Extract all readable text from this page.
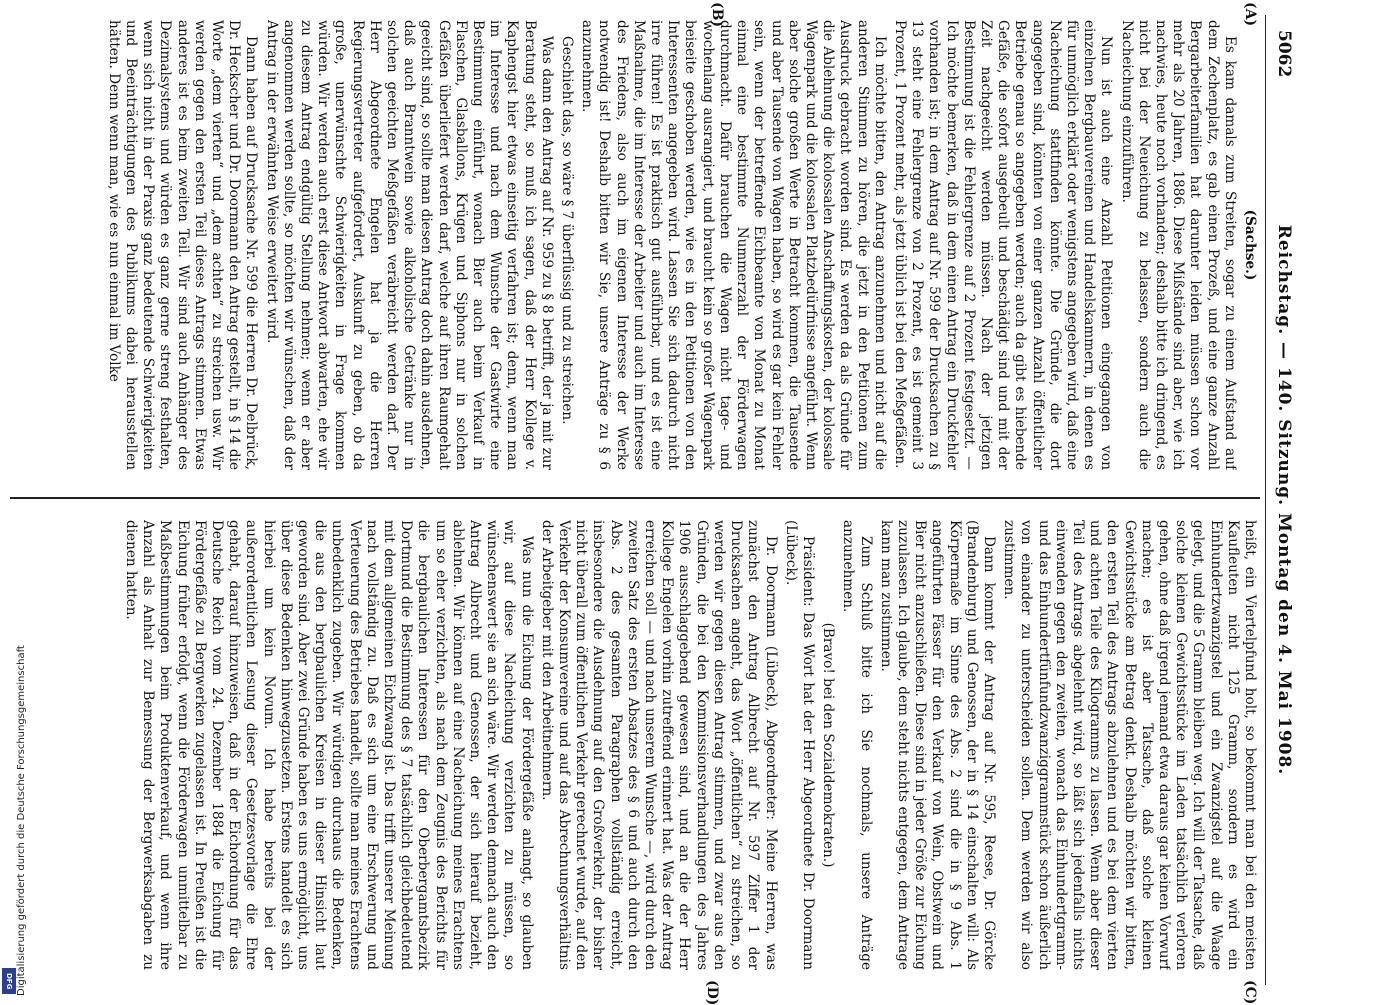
5062
Reichstag. — 140. Sitzung. Montag den 4. Mai 1908.
(A)
(B)
(C)
(D)

(Sachse.)

Es kam damals zum Streiten, sogar zu einem Aufstand auf dem Zechenplatz, es gab einen Prozeß, und eine ganze Anzahl Bergarbeiterfamilien hat darunter leiden müssen schon vor mehr als 20 Jahren, 1886. Diese Mißstände sind aber, wie ich nachwies, heute noch vorhanden; deshalb bitte ich dringend, es nicht bei der Neueichung zu belassen, sondern auch die Nacheichung einzuführen.

Nun ist auch eine Anzahl Petitionen eingegangen von einzelnen Bergbauvereinen und Handelskammern, in denen es für unmöglich erklärt oder wenigstens angegeben wird, daß eine Nacheichung stattfinden könnte. Die Gründe, die dort angegeben sind, könnten von einer ganzen Anzahl öffentlicher Betriebe genau so angegeben werden; auch da gibt es hiebende Gefäße, die sofort ausgebeult und beschädigt sind und mit der Zeit nachgeeicht werden müssen. Nach der jetzigen Bestimmung ist die Fehlergrenze auf 2 Prozent festgesetzt. — Ich möchte bemerken, daß in dem einen Antrag ein Druckfehler vorhanden ist; in dem Antrag auf Nr. 599 der Drucksachen zu § 13 steht eine Fehlergrenze von 2 Prozent, es ist gemeint 3 Prozent, 1 Prozent mehr, als jetzt üblich ist bei den Meßgefäßen.

Ich möchte bitten, den Antrag anzunehmen und nicht auf die anderen Stimmen zu hören, die jetzt in den Petitionen zum Ausdruck gebracht worden sind. Es werden da als Gründe für die Ablehnung die kolossalen Anschaffungskosten, der kolossale Wagenpark und die kolossalen Platzbedürfnisse angeführt. Wenn aber solche großen Werte in Betracht kommen, die Tausende und aber Tausende von Wagen haben, so wird es gar kein Fehler sein, wenn der betreffende Eichbeamte von Monat zu Monat einmal eine bestimmte Nummerzahl der Förderwagen durchmacht. Dafür brauchen die Wagen nicht tage- und wochenlang ausrangiert, und braucht kein so großer Wagenpark beiseite geschoben werden, wie es in den Petitionen von den Interessenten angegeben wird. Lassen Sie sich dadurch nicht irre führen! Es ist praktisch gut ausführbar, und es ist eine Maßnahme, die im Interesse der Arbeiter und auch im Interesse des Friedens, also auch im eigenen Interesse der Werke notwendig ist! Deshalb bitten wir Sie, unsere Anträge zu § 6 anzunehmen.

Geschieht das, so wäre § 7 überflüssig und zu streichen.

Was dann den Antrag auf Nr. 959 zu § 8 betrifft, der ja mit zur Beratung steht, so muß ich sagen, daß der Herr Kollege v. Kaphengst hier etwas einseitig verfahren ist; denn, wenn man im Interesse und nach dem Wunsche der Gastwirte eine Bestimmung einführt, wonach Bier auch beim Verkauf in Flaschen, Glasballons, Krügen und Siphons nur in solchen Gefäßen überliefert werden darf, welche auf ihren Raumgehalt geeicht sind, so sollte man diesen Antrag doch dahin ausdehnen, daß auch Branntwein sowie alkoholische Getränke nur in solchen geeichten Meßgefäßen veräbreicht werden darf. Der Herr Abgeordnete Engelen hat ja die Herren Regierungsvertreter aufgefordert, Auskunft zu geben, ob da große, unerwünschte Schwierigkeiten in Frage kommen würden. Wir werden auch erst diese Antwort abwarten, ehe wir zu diesem Antrag endgültig Stellung nehmen; wenn er aber angenommen werden sollte, so möchten wir wünschen, daß der Antrag in der erwähnten Weise erweitert wird.

Dann haben auf Drucksache Nr. 599 die Herren Dr. Delbrück, Dr. Heckscher und Dr. Doormann den Antrag gestellt, in § 14 die Worte „dem vierten“ und „dem achten“ zu streichen usw. Wir werden gegen den ersten Teil dieses Antrags stimmen. Etwas anderes ist es beim zweiten Teil. Wir sind auch Anhänger des Dezimalsystems und würden es ganz gerne streng festhalten, wenn sich nicht in der Praxis ganz bedeutende Schwierigkeiten und Beeinträchtigungen des Publikums dabei herausstellen hätten. Denn wenn man, wie es nun einmal im Volke

heißt, ein Viertelpfund holt, so bekommt man bei den meisten Kaufleuten nicht 125 Gramm, sondern es wird ein Einhundertzwanzigstel und ein Zwanzigstel auf die Waage gelegt, und die 5 Gramm bleiben weg. Ich will der Tatsache, daß solche kleinen Gewichtsstücke im Laden tatsächlich verloren gehen, ohne daß irgend jemand etwa daraus gar keinen Vorwurf machen; es ist aber Tatsache, daß solche kleinen Gewichtsstücke am Betrag denkt. Deshalb möchten wir bitten, den ersten Teil des Antrags abzulehnen und es bei dem vierten und achten Teile des Kilogramms zu lassen. Wenn aber dieser Teil des Antrags abgelehnt wird, so läßt sich jedenfalls nichts einwenden gegen den zweiten, wonach das Einhundertgramm- und das Einhundertfünfundzwanziggrammstück schon äußerlich von einander zu unterscheiden sollen. Dem werden wir also zustimmen.

Dann kommt der Antrag auf Nr. 595, Reese, Dr. Görcke (Brandenburg) und Genossen, der in § 14 einschalten will: Als Körpermaße im Sinne des Abs. 2 sind die in § 9 Abs. 1 angeführten Fässer für den Verkauf von Wein, Obstwein und Bier nicht anzuschließen. Diese sind in jeder Größe zur Eichung zuzulassen. Ich glaube, dem steht nichts entgegen, dem Antrage kann man zustimmen.

Zum Schluß bitte ich Sie nochmals, unsere Anträge anzunehmen.

(Bravo! bei den Sozialdemokraten.)

Präsident: Das Wort hat der Herr Abgeordnete Dr. Doormann (Lübeck).

Dr. Doormann (Lübeck), Abgeordneter: Meine Herren, was zunächst den Antrag Albrecht auf Nr. 597 Ziffer 1 der Drucksachen angeht, das Wort „öffentlichen“ zu streichen, so werden wir gegen diesen Antrag stimmen, und zwar aus den Gründen, die bei den Kommissionsverhandlungen des Jahres 1906 ausschlaggebend gewesen sind, und an die der Herr Kollege Engelen vorhin zutreffend erinnert hat. Was der Antrag erreichen soll — und nach unserem Wunsche —, wird durch den zweiten Satz des ersten Absatzes des § 6 und auch durch den Abs. 2 des gesamten Paragraphen vollständig erreicht, insbesondere die Ausdehnung auf den Großverkehr, der bisher nicht überall zum öffentlichen Verkehr gerechnet wurde, auf den Verkehr der Konsumvereine und auf das Abrechnungsverhältnis der Arbeitgeber mit den Arbeitnehmern.

Was nun die Eichung der Fördergefäße anlangt, so glauben wir, auf diese Nacheichung verzichten zu müssen, so wünschenswert sie an sich wäre. Wir werden demnach auch den Antrag Albrecht und Genossen, der sich hierauf bezieht, ablehnen. Wir können auf eine Nacheichung meines Erachtens um so eher verzichten, als nach dem Zeugnis des Berichts für die bergbaulichen Interessen für den Oberbergamtsbezirk Dortmund die Bestimmung des § 7 tatsächlich gleichbedeutend mit dem allgemeinen Eichzwang ist. Das trifft unserer Meinung nach vollständig zu. Daß es sich um eine Erschwerung und Verteuerung des Betriebes handelt, sollte man meines Erachtens unbedenklich zugeben. Wir würdigen durchaus die Bedenken, die aus den bergbaulichen Kreisen in dieser Hinsicht laut geworden sind. Aber zwei Gründe haben es uns ermöglicht, uns über diese Bedenken hinwegzusetzen. Erstens handelt es sich hierbei um kein Novum. Ich habe bereits bei der außerordentlichen Lesung dieser Gesetzesvorlage die Ehre gehabt, darauf hinzuweisen, daß in der Eichordnung für das Deutsche Reich vom 24. Dezember 1884 die Eichung für Fördergefäße zu Bergwerken zugelassen ist. In Preußen ist die Eichung früher erfolgt, wenn die Förderwagen unmittelbar zu Maßbestimmungen beim Produktenverkauf, und wenn ihre Anzahl als Anhalt zur Bemessung der Bergwerksabgaben zu dienen hatten.

Digitalisierung gefördert durch die Deutsche Forschungsgemeinschaft
DFG
